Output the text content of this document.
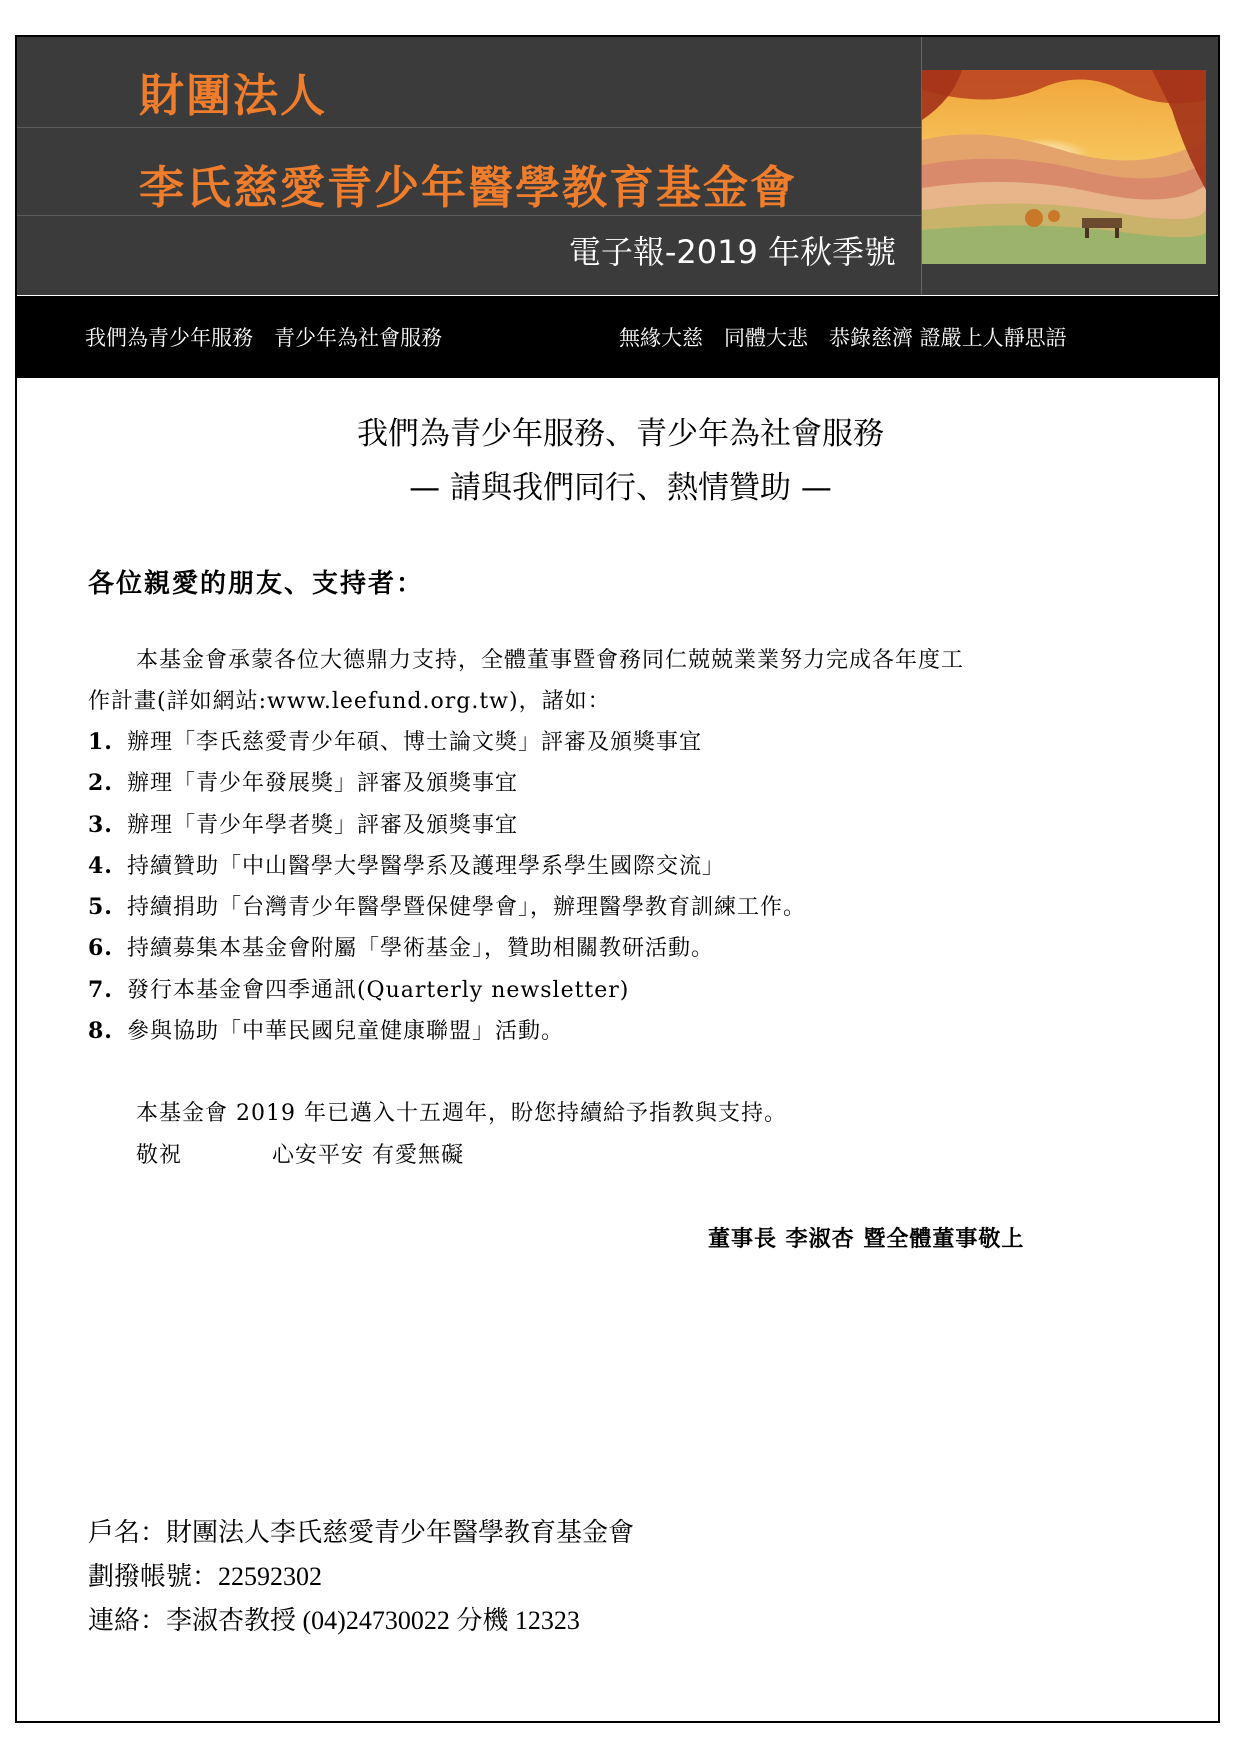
財團法人
李氏慈愛青少年醫學教育基金會
電子報-2019 年秋季號
我們為青少年服務　青少年為社會服務	無緣大慈　同體大悲　恭錄慈濟 證嚴上人靜思語
我們為青少年服務、青少年為社會服務
— 請與我們同行、熱情贊助 —
各位親愛的朋友、支持者：
本基金會承蒙各位大德鼎力支持，全體董事暨會務同仁兢兢業業努力完成各年度工
作計畫(詳如網站:www.leefund.org.tw)，諸如：
1. 辦理「李氏慈愛青少年碩、博士論文獎」評審及頒獎事宜
2. 辦理「青少年發展獎」評審及頒獎事宜
3. 辦理「青少年學者獎」評審及頒獎事宜
4. 持續贊助「中山醫學大學醫學系及護理學系學生國際交流」
5. 持續捐助「台灣青少年醫學暨保健學會」，辦理醫學教育訓練工作。
6. 持續募集本基金會附屬「學術基金」，贊助相關教研活動。
7. 發行本基金會四季通訊(Quarterly newsletter)
8. 參與協助「中華民國兒童健康聯盟」活動。
本基金會 2019 年已邁入十五週年，盼您持續給予指教與支持。
敬祝	心安平安 有愛無礙
董事長 李淑杏 暨全體董事敬上
戶名：財團法人李氏慈愛青少年醫學教育基金會
劃撥帳號：22592302
連絡：李淑杏教授 (04)24730022 分機 12323
